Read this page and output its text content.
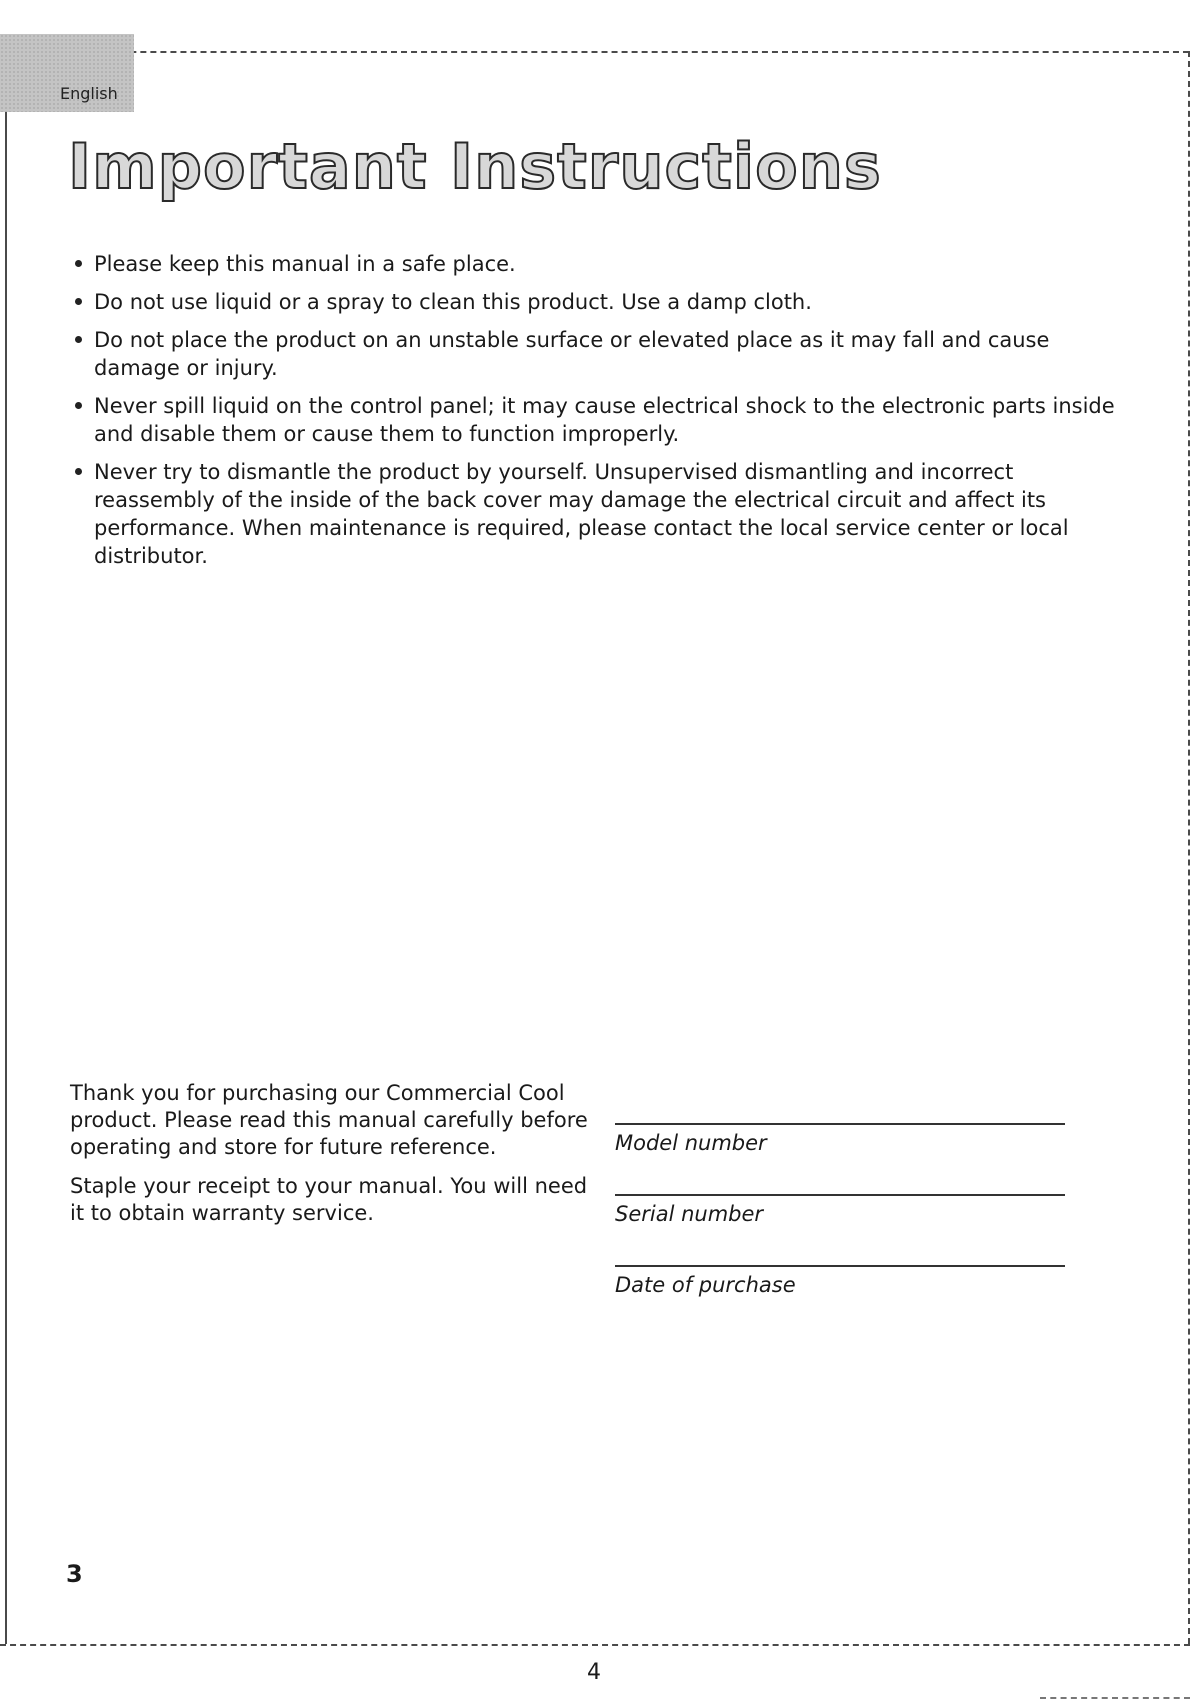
English
Important Instructions
Please keep this manual in a safe place.
Do not use liquid or a spray to clean this product. Use a damp cloth.
Do not place the product on an unstable surface or elevated place as it may fall and cause damage or injury.
Never spill liquid on the control panel; it may cause electrical shock to the electronic parts inside and disable them or cause them to function improperly.
Never try to dismantle the product by yourself. Unsupervised dismantling and incorrect reassembly of the inside of the back cover may damage the electrical circuit and affect its performance. When maintenance is required, please contact the local service center or local distributor.

Thank you for purchasing our Commercial Cool product. Please read this manual carefully before operating and store for future reference.

Staple your receipt to your manual. You will need it to obtain warranty service.

Model number
Serial number
Date of purchase
3
4
